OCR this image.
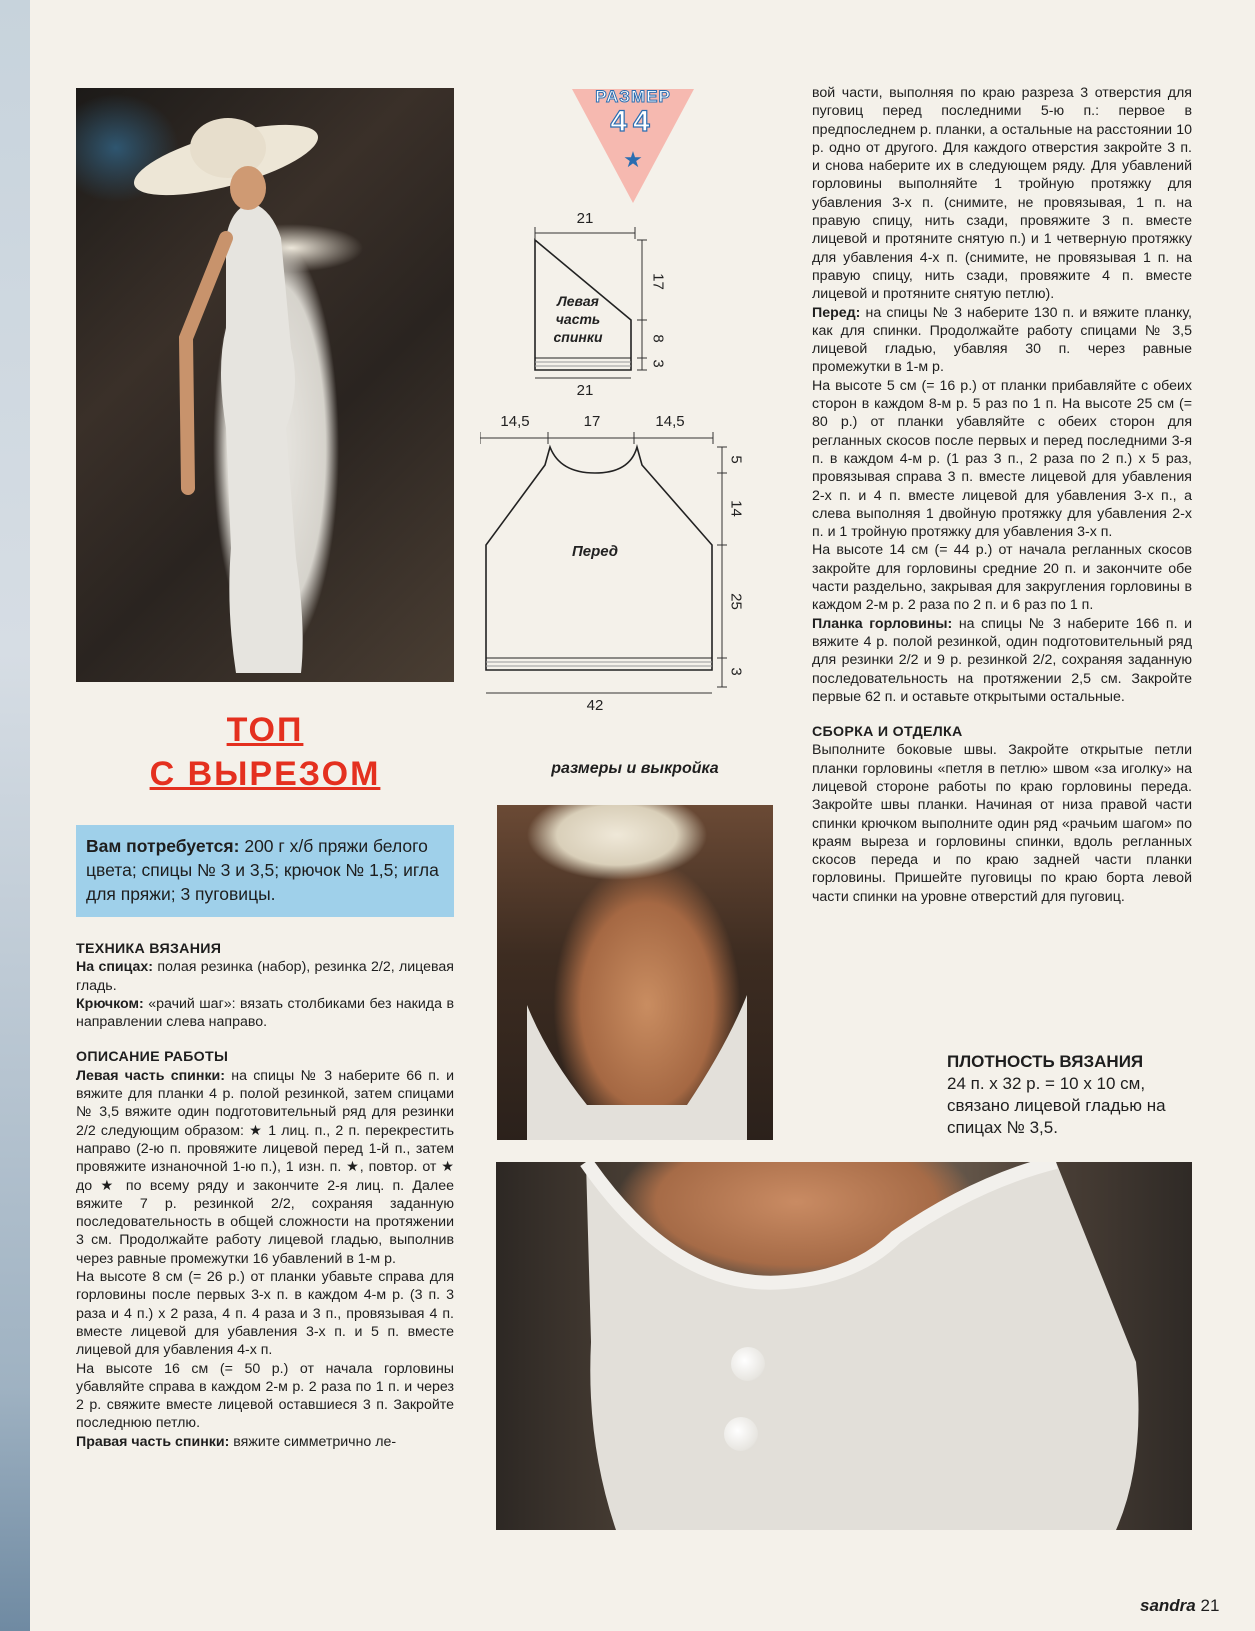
ТОП
С ВЫРЕЗОМ
Вам потребуется: 200 г х/б пряжи белого цвета; спицы № 3 и 3,5; крючок № 1,5; игла для пряжи; 3 пуговицы.

ТЕХНИКА ВЯЗАНИЯ

На спицах: полая резинка (набор), резинка 2/2, лицевая гладь.

Крючком: «рачий шаг»: вязать столбиками без накида в направлении слева направо.

ОПИСАНИЕ РАБОТЫ

Левая часть спинки: на спицы № 3 наберите 66 п. и вяжите для планки 4 р. полой резинкой, затем спицами № 3,5 вяжите один подготовительный ряд для резинки 2/2 следующим образом: ★ 1 лиц. п., 2 п. перекрестить направо (2-ю п. провяжите лицевой перед 1-й п., затем провяжите изнаночной 1-ю п.), 1 изн. п. ★, повтор. от ★ до ★ по всему ряду и закончите 2-я лиц. п. Далее вяжите 7 р. резинкой 2/2, сохраняя заданную последовательность в общей сложности на протяжении 3 см. Продолжайте работу лицевой гладью, выполнив через равные промежутки 16 убавлений в 1-м р.

На высоте 8 см (= 26 р.) от планки убавьте справа для горловины после первых 3-х п. в каждом 4-м р. (3 п. 3 раза и 4 п.) х 2 раза, 4 п. 4 раза и 3 п., провязывая 4 п. вместе лицевой для убавления 3-х п. и 5 п. вместе лицевой для убавления 4-х п.

На высоте 16 см (= 50 р.) от начала горловины убавляйте справа в каждом 2-м р. 2 раза по 1 п. и через 2 р. свяжите вместе лицевой оставшиеся 3 п. Закройте последнюю петлю.

Правая часть спинки: вяжите симметрично ле-

★
РАЗМЕР
44
21
Левая часть спинки
21
17
8
3
14,5	17	14,5
Перед
42
5
14
25
3
размеры и выкройка

вой части, выполняя по краю разреза 3 отверстия для пуговиц перед последними 5-ю п.: первое в предпоследнем р. планки, а остальные на расстоянии 10 р. одно от другого. Для каждого отверстия закройте 3 п. и снова наберите их в следующем ряду. Для убавлений горловины выполняйте 1 тройную протяжку для убавления 3-х п. (снимите, не провязывая, 1 п. на правую спицу, нить сзади, провяжите 3 п. вместе лицевой и протяните снятую п.) и 1 четверную протяжку для убавления 4-х п. (снимите, не провязывая 1 п. на правую спицу, нить сзади, провяжите 4 п. вместе лицевой и протяните снятую петлю).

Перед: на спицы № 3 наберите 130 п. и вяжите планку, как для спинки. Продолжайте работу спицами № 3,5 лицевой гладью, убавляя 30 п. через равные промежутки в 1-м р.

На высоте 5 см (= 16 р.) от планки прибавляйте с обеих сторон в каждом 8-м р. 5 раз по 1 п. На высоте 25 см (= 80 р.) от планки убавляйте с обеих сторон для регланных скосов после первых и перед последними 3-я п. в каждом 4-м р. (1 раз 3 п., 2 раза по 2 п.) х 5 раз, провязывая справа 3 п. вместе лицевой для убавления 2-х п. и 4 п. вместе лицевой для убавления 3-х п., а слева выполняя 1 двойную протяжку для убавления 2-х п. и 1 тройную протяжку для убавления 3-х п.

На высоте 14 см (= 44 р.) от начала регланных скосов закройте для горловины средние 20 п. и закончите обе части раздельно, закрывая для закругления горловины в каждом 2-м р. 2 раза по 2 п. и 6 раз по 1 п.

Планка горловины: на спицы № 3 наберите 166 п. и вяжите 4 р. полой резинкой, один подготовительный ряд для резинки 2/2 и 9 р. резинкой 2/2, сохраняя заданную последовательность на протяжении 2,5 см. Закройте первые 62 п. и оставьте открытыми остальные.

СБОРКА И ОТДЕЛКА

Выполните боковые швы. Закройте открытые петли планки горловины «петля в петлю» швом «за иголку» на лицевой стороне работы по краю горловины переда. Закройте швы планки. Начиная от низа правой части спинки крючком выполните один ряд «рачьим шагом» по краям выреза и горловины спинки, вдоль регланных скосов переда и по краю задней части планки горловины. Пришейте пуговицы по краю борта левой части спинки на уровне отверстий для пуговиц.

ПЛОТНОСТЬ ВЯЗАНИЯ
24 п. х 32 р. = 10 х 10 см, связано лицевой гладью на спицах № 3,5.
sandra 21
